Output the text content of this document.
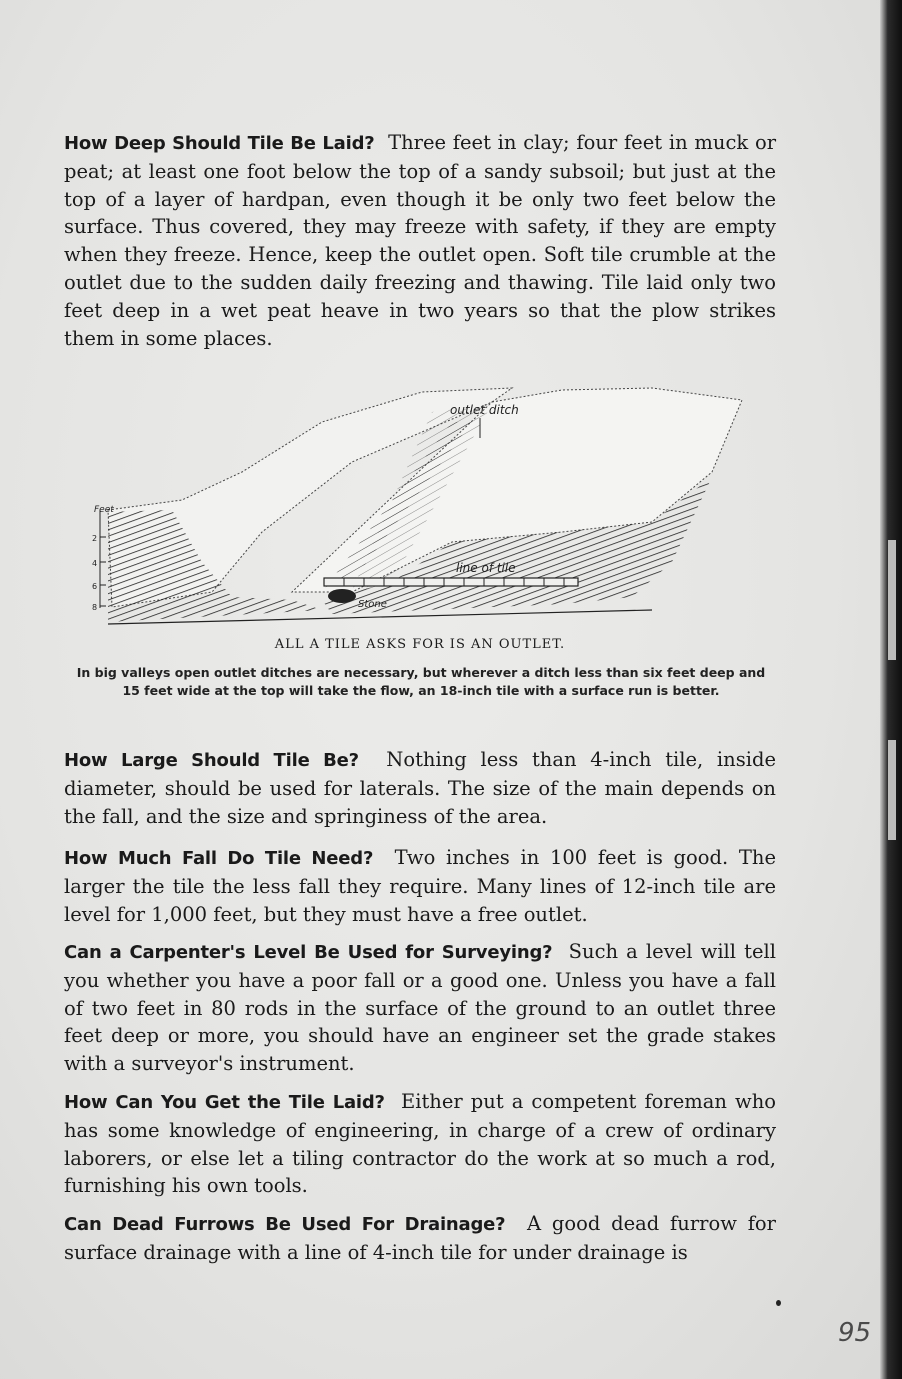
How Deep Should Tile Be Laid? Three feet in clay; four feet in muck or peat; at least one foot below the top of a sandy subsoil; but just at the top of a layer of hardpan, even though it be only two feet below the surface. Thus covered, they may freeze with safety, if they are empty when they freeze. Hence, keep the outlet open. Soft tile crumble at the outlet due to the sudden daily freezing and thawing. Tile laid only two feet deep in a wet peat heave in two years so that the plow strikes them in some places.

Feet
2
4
6
8
outlet ditch
line of tile
Stone
ALL A TILE ASKS FOR IS AN OUTLET.
In big valleys open outlet ditches are necessary, but wherever a ditch less than six feet deep and 15 feet wide at the top will take the flow, an 18-inch tile with a surface run is better.

How Large Should Tile Be? Nothing less than 4-inch tile, inside diameter, should be used for laterals. The size of the main depends on the fall, and the size and springiness of the area.

How Much Fall Do Tile Need? Two inches in 100 feet is good. The larger the tile the less fall they require. Many lines of 12-inch tile are level for 1,000 feet, but they must have a free outlet.

Can a Carpenter's Level Be Used for Surveying? Such a level will tell you whether you have a poor fall or a good one. Unless you have a fall of two feet in 80 rods in the surface of the ground to an outlet three feet deep or more, you should have an engineer set the grade stakes with a surveyor's instrument.

How Can You Get the Tile Laid? Either put a competent foreman who has some knowledge of engineering, in charge of a crew of ordinary laborers, or else let a tiling contractor do the work at so much a rod, furnishing his own tools.

Can Dead Furrows Be Used For Drainage? A good dead furrow for surface drainage with a line of 4-inch tile for under drainage is

95
